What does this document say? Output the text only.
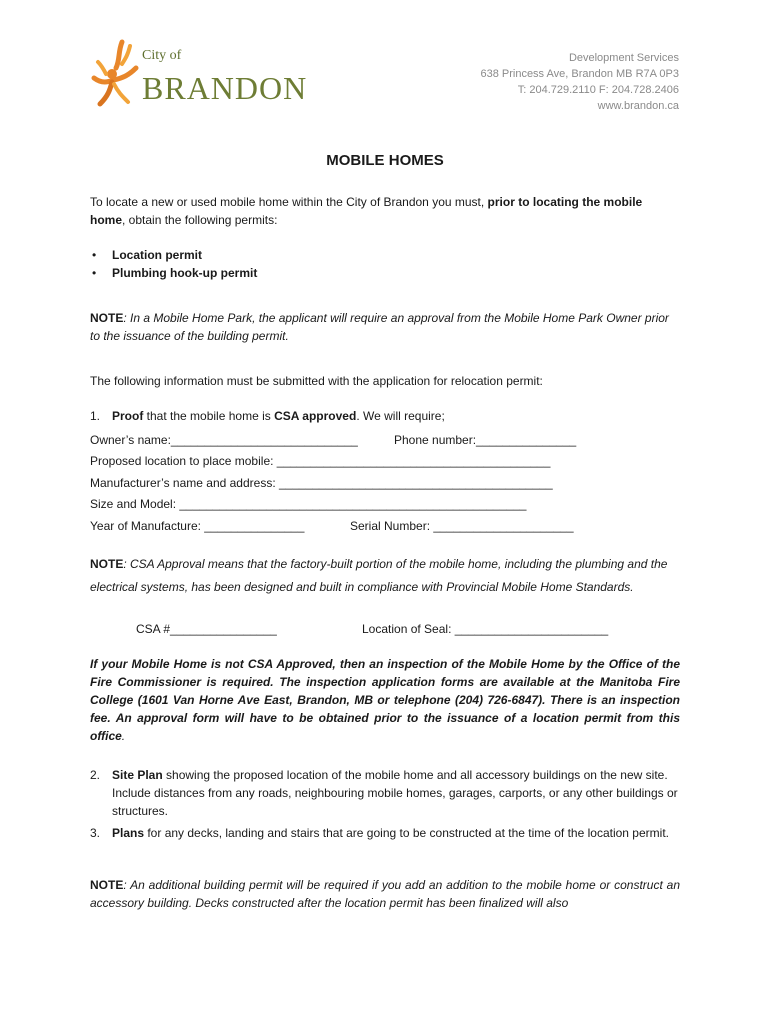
City of
BRANDON
Development Services
638 Princess Ave, Brandon MB R7A 0P3
T: 204.729.2110 F: 204.728.2406
www.brandon.ca
MOBILE HOMES
To locate a new or used mobile home within the City of Brandon you must, prior to locating the mobile home, obtain the following permits:
• Location permit
• Plumbing hook-up permit
NOTE: In a Mobile Home Park, the applicant will require an approval from the Mobile Home Park Owner prior to the issuance of the building permit.
The following information must be submitted with the application for relocation permit:
1. Proof that the mobile home is CSA approved. We will require;
Owner’s name:____________________________	Phone number:_______________
Proposed location to place mobile: _________________________________________
Manufacturer’s name and address: _________________________________________
Size and Model: ____________________________________________________
Year of Manufacture: _______________	Serial Number: _____________________
NOTE: CSA Approval means that the factory-built portion of the mobile home, including the plumbing and the electrical systems, has been designed and built in compliance with Provincial Mobile Home Standards.
CSA #________________	Location of Seal: _______________________
If your Mobile Home is not CSA Approved, then an inspection of the Mobile Home by the Office of the Fire Commissioner is required. The inspection application forms are available at the Manitoba Fire College (1601 Van Horne Ave East, Brandon, MB or telephone (204) 726-6847). There is an inspection fee. An approval form will have to be obtained prior to the issuance of a location permit from this office.
2. Site Plan showing the proposed location of the mobile home and all accessory buildings on the new site. Include distances from any roads, neighbouring mobile homes, garages, carports, or any other buildings or structures.
3. Plans for any decks, landing and stairs that are going to be constructed at the time of the location permit.
NOTE: An additional building permit will be required if you add an addition to the mobile home or construct an accessory building. Decks constructed after the location permit has been finalized will also
